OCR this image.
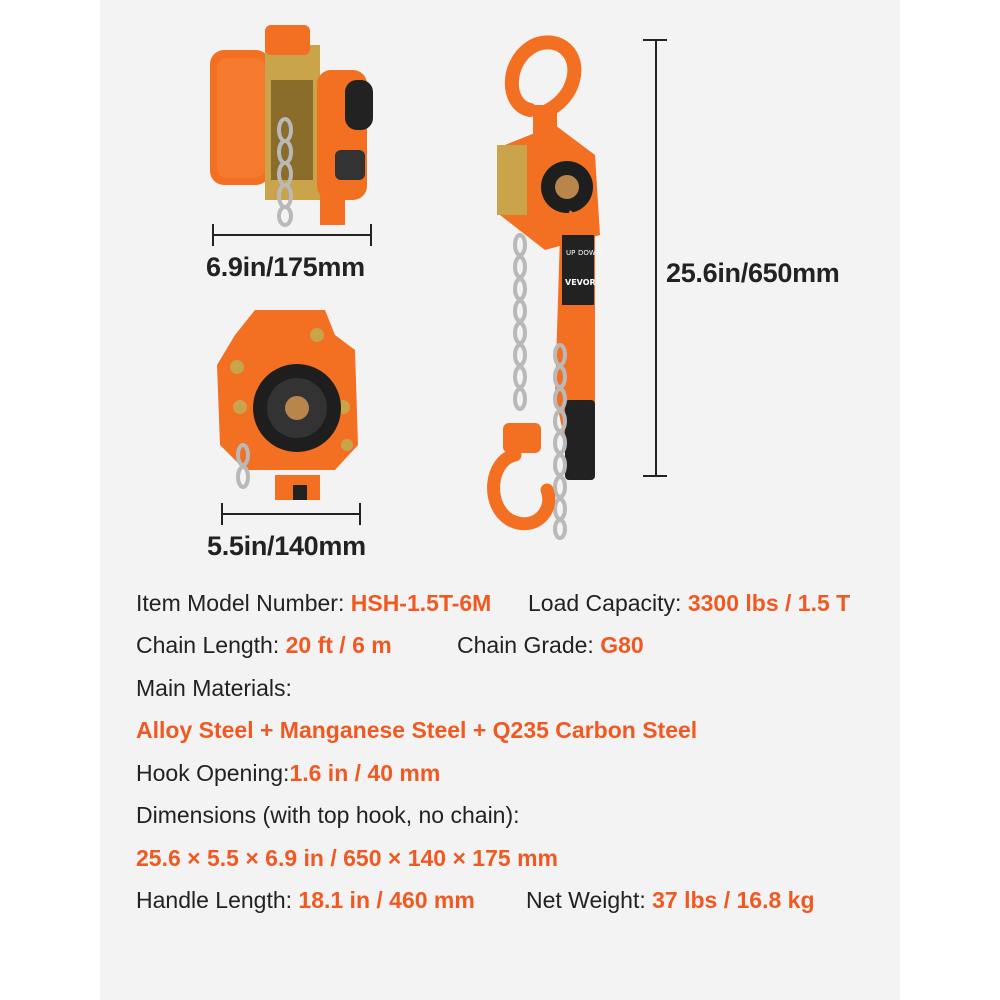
6.9in/175mm
5.5in/140mm
UP DOWN
VEVOR	25.6in/650mm
Item Model Number: HSH-1.5T-6M Load Capacity: 3300 lbs / 1.5 T
Chain Length: 20 ft / 6 m	Chain Grade: G80
Main Materials:
Alloy Steel + Manganese Steel + Q235 Carbon Steel
Hook Opening:1.6 in / 40 mm
Dimensions (with top hook, no chain):
25.6 × 5.5 × 6.9 in / 650 × 140 × 175 mm
Handle Length: 18.1 in / 460 mm Net Weight: 37 lbs / 16.8 kg
